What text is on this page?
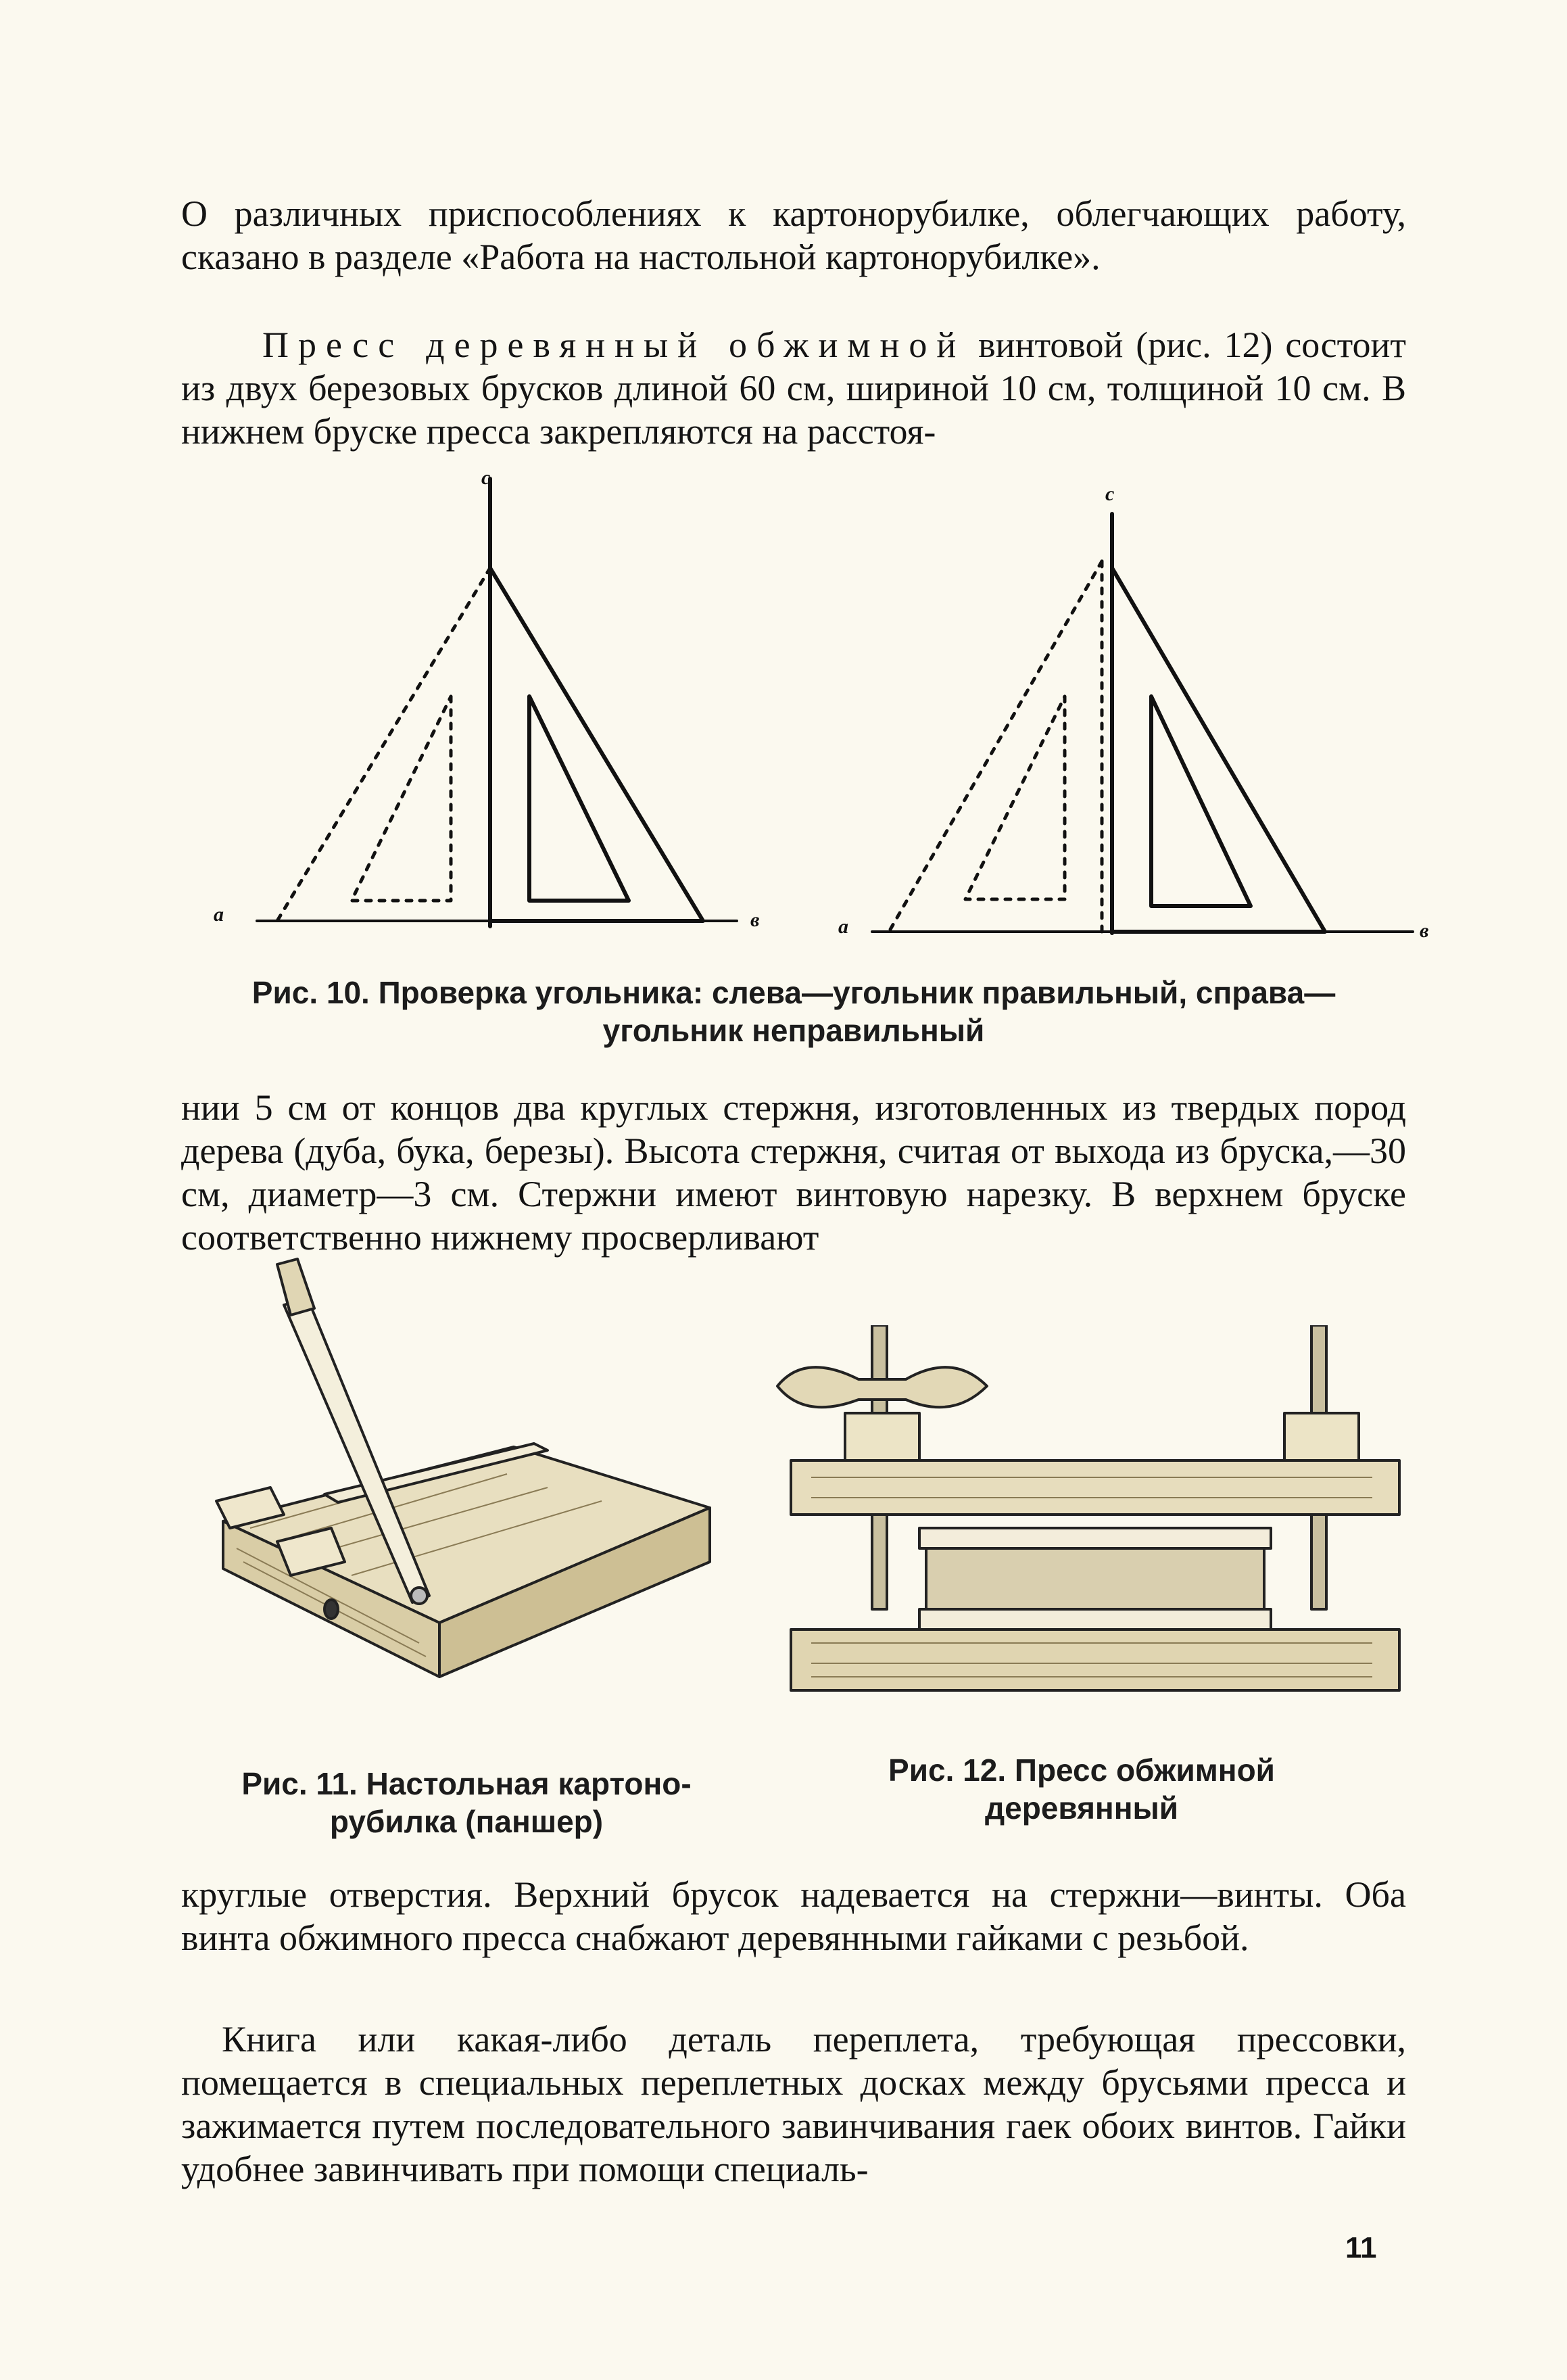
О различных приспособлениях к картонорубилке, облегчающих работу, сказано в разделе «Работа на настольной картонорубилке».

Пресс деревянный обжимной винтовой (рис. 12) состоит из двух березовых брусков длиной 60 см, шириной 10 см, толщиной 10 см. В нижнем бруске пресса закрепляются на расстоя-

с
а	в
с
а	в
Рис. 10. Проверка угольника: слева—угольник правильный, справа—
угольник неправильный

нии 5 см от концов два круглых стержня, изготовленных из твердых пород дерева (дуба, бука, березы). Высота стержня, считая от выхода из бруска,—30 см, диаметр—3 см. Стержни имеют винтовую нарезку. В верхнем бруске соответственно нижнему просверливают

Рис. 11. Настольная картоно-
рубилка (паншер)
Рис. 12. Пресс обжимной
деревянный

круглые отверстия. Верхний брусок надевается на стержни—винты. Оба винта обжимного пресса снабжают деревянными гайками с резьбой.

Книга или какая-либо деталь переплета, требующая прессовки, помещается в специальных переплетных досках между брусьями пресса и зажимается путем последовательного завинчивания гаек обоих винтов. Гайки удобнее завинчивать при помощи специаль-

11
